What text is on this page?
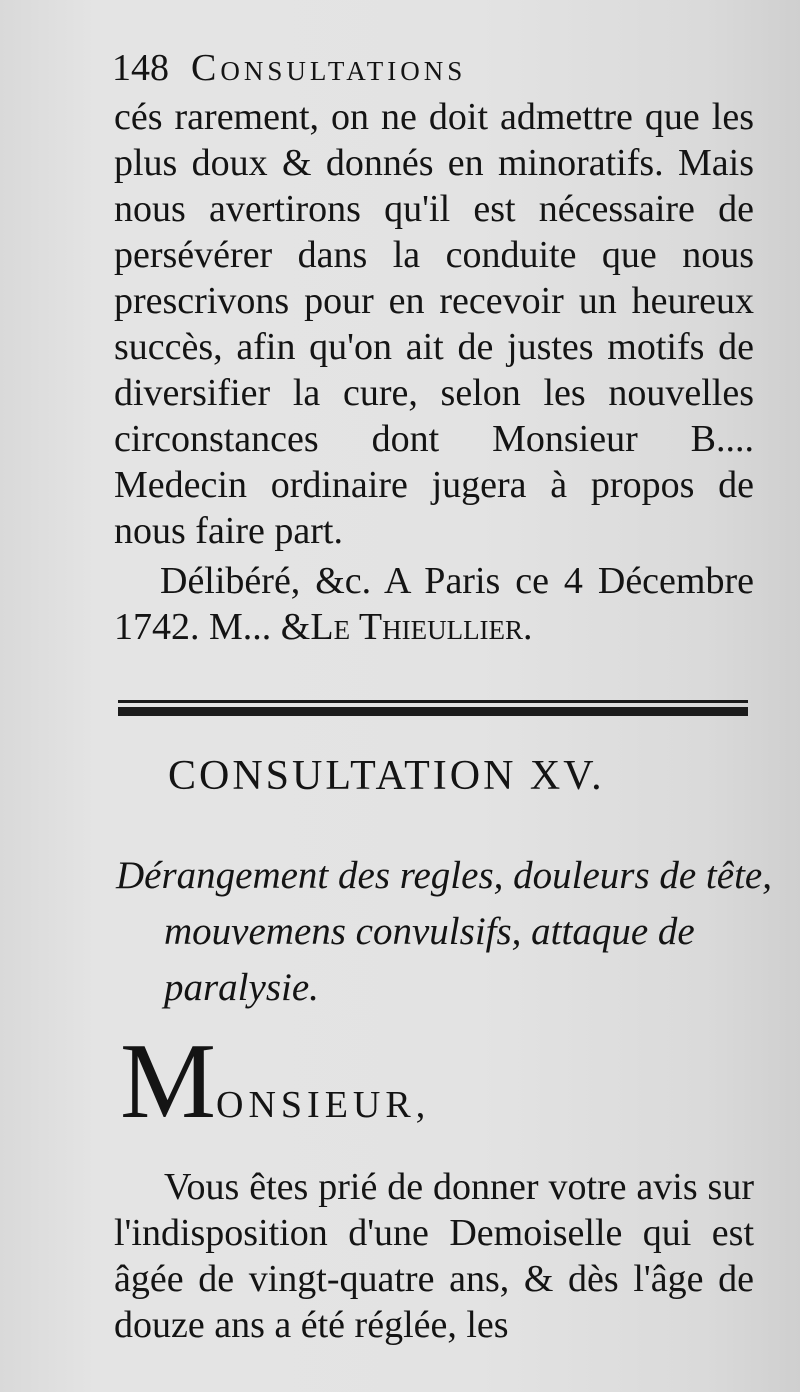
148 Consultations
cés rarement, on ne doit admettre que les plus doux & donnés en minoratifs. Mais nous avertirons qu'il est nécessaire de persévérer dans la conduite que nous prescrivons pour en recevoir un heureux succès, afin qu'on ait de justes motifs de diversifier la cure, selon les nouvelles circonstances dont Monsieur B.... Medecin ordinaire jugera à propos de nous faire part.
Délibéré, &c. A Paris ce 4 Décembre 1742. M... &Le Thieullier.
CONSULTATION XV.
Dérangement des regles, douleurs de tête, mouvemens convulsifs, attaque de paralysie.
MONSIEUR,
Vous êtes prié de donner votre avis sur l'indisposition d'une Demoiselle qui est âgée de vingt-quatre ans, & dès l'âge de douze ans a été réglée, les
